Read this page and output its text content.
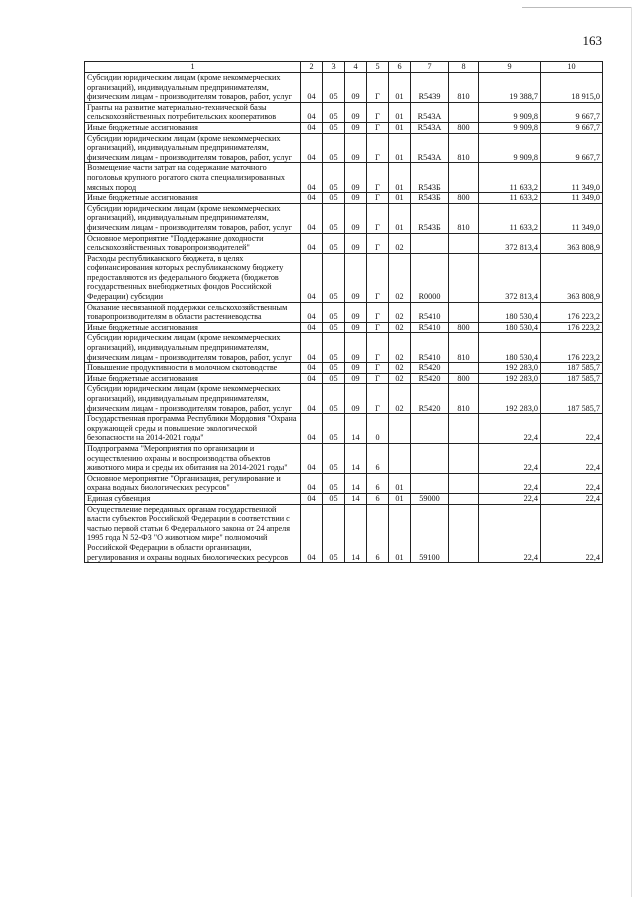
163
1	2	3	4	5	6	7	8	9	10
Субсидии юридическим лицам (кроме некоммерческих организаций), индивидуальным предпринимателям, физическим лицам - производителям товаров, работ, услуг	04	05	09	Г	01	R5439	810	19 388,7	18 915,0
Гранты на развитие материально-технической базы сельскохозяйственных потребительских кооперативов	04	05	09	Г	01	R543А		9 909,8	9 667,7
Иные бюджетные ассигнования	04	05	09	Г	01	R543А	800	9 909,8	9 667,7
Субсидии юридическим лицам (кроме некоммерческих организаций), индивидуальным предпринимателям, физическим лицам - производителям товаров, работ, услуг	04	05	09	Г	01	R543А	810	9 909,8	9 667,7
Возмещение части затрат на содержание маточного поголовья крупного рогатого скота специализированных мясных пород	04	05	09	Г	01	R543Б		11 633,2	11 349,0
Иные бюджетные ассигнования	04	05	09	Г	01	R543Б	800	11 633,2	11 349,0
Субсидии юридическим лицам (кроме некоммерческих организаций), индивидуальным предпринимателям, физическим лицам - производителям товаров, работ, услуг	04	05	09	Г	01	R543Б	810	11 633,2	11 349,0
Основное мероприятие "Поддержание доходности сельскохозяйственных товаропроизводителей"	04	05	09	Г	02			372 813,4	363 808,9
Расходы республиканского бюджета, в целях софинансирования которых республиканскому бюджету предоставляются из федерального бюджета (бюджетов государственных внебюджетных фондов Российской Федерации) субсидии	04	05	09	Г	02	R0000		372 813,4	363 808,9
Оказание несвязанной поддержки сельскохозяйственным товаропроизводителям в области растениеводства	04	05	09	Г	02	R5410		180 530,4	176 223,2
Иные бюджетные ассигнования	04	05	09	Г	02	R5410	800	180 530,4	176 223,2
Субсидии юридическим лицам (кроме некоммерческих организаций), индивидуальным предпринимателям, физическим лицам - производителям товаров, работ, услуг	04	05	09	Г	02	R5410	810	180 530,4	176 223,2
Повышение продуктивности в молочном скотоводстве	04	05	09	Г	02	R5420		192 283,0	187 585,7
Иные бюджетные ассигнования	04	05	09	Г	02	R5420	800	192 283,0	187 585,7
Субсидии юридическим лицам (кроме некоммерческих организаций), индивидуальным предпринимателям, физическим лицам - производителям товаров, работ, услуг	04	05	09	Г	02	R5420	810	192 283,0	187 585,7
Государственная программа Республики Мордовия "Охрана окружающей среды и повышение экологической безопасности на 2014-2021 годы"	04	05	14	0				22,4	22,4
Подпрограмма "Мероприятия по организации и осуществлению охраны и воспроизводства объектов животного мира и среды их обитания на 2014-2021 годы"	04	05	14	6				22,4	22,4
Основное мероприятие "Организация, регулирование и охрана водных биологических ресурсов"	04	05	14	6	01			22,4	22,4
Единая субвенция	04	05	14	6	01	59000		22,4	22,4
Осуществление переданных органам государственной власти субъектов Российской Федерации в соответствии с частью первой статьи 6 Федерального закона от 24 апреля 1995 года N 52-ФЗ "О животном мире" полномочий Российской Федерации в области организации, регулирования и охраны водных биологических ресурсов	04	05	14	6	01	59100		22,4	22,4
